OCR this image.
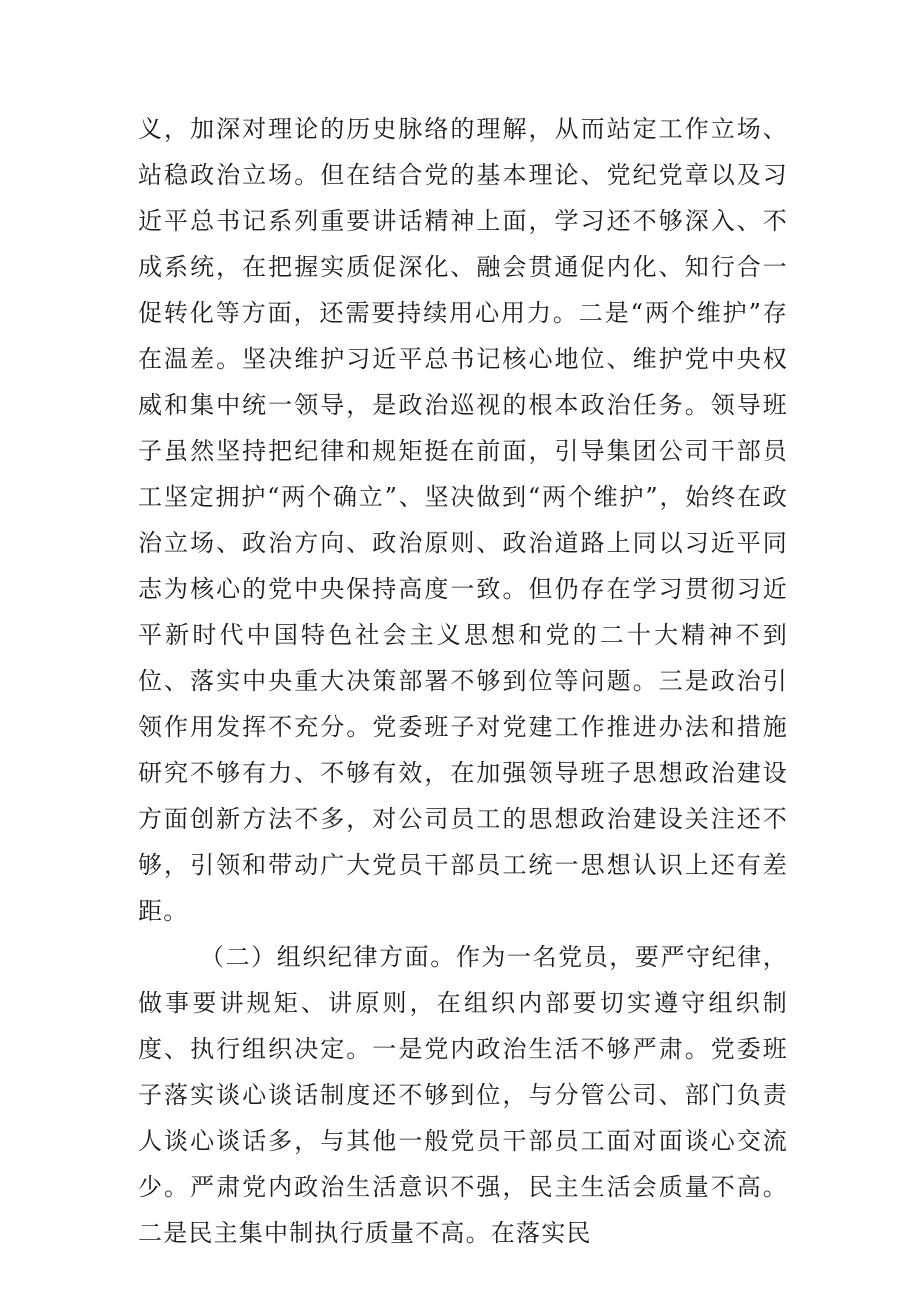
义，加深对理论的历史脉络的理解，从而站定工作立场、站稳政治立场。但在结合党的基本理论、党纪党章以及习近平总书记系列重要讲话精神上面，学习还不够深入、不成系统，在把握实质促深化、融会贯通促内化、知行合一促转化等方面，还需要持续用心用力。二是“两个维护”存在温差。坚决维护习近平总书记核心地位、维护党中央权威和集中统一领导，是政治巡视的根本政治任务。领导班子虽然坚持把纪律和规矩挺在前面，引导集团公司干部员工坚定拥护“两个确立”、坚决做到“两个维护”，始终在政治立场、政治方向、政治原则、政治道路上同以习近平同志为核心的党中央保持高度一致。但仍存在学习贯彻习近平新时代中国特色社会主义思想和党的二十大精神不到位、落实中央重大决策部署不够到位等问题。三是政治引领作用发挥不充分。党委班子对党建工作推进办法和措施研究不够有力、不够有效，在加强领导班子思想政治建设方面创新方法不多，对公司员工的思想政治建设关注还不够，引领和带动广大党员干部员工统一思想认识上还有差距。

（二）组织纪律方面。作为一名党员，要严守纪律，做事要讲规矩、讲原则，在组织内部要切实遵守组织制度、执行组织决定。一是党内政治生活不够严肃。党委班子落实谈心谈话制度还不够到位，与分管公司、部门负责人谈心谈话多，与其他一般党员干部员工面对面谈心交流少。严肃党内政治生活意识不强，民主生活会质量不高。二是民主集中制执行质量不高。在落实民
